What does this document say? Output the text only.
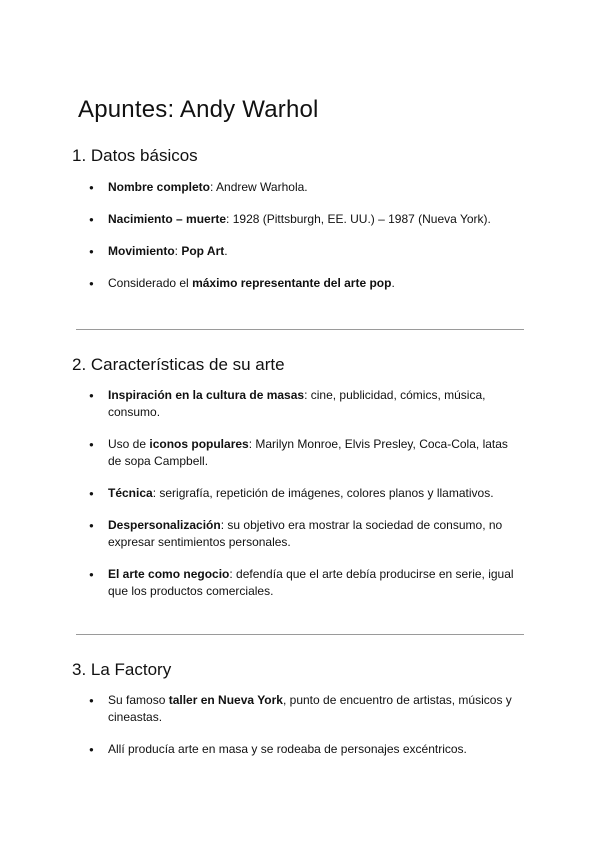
Apuntes: Andy Warhol
1. Datos básicos
● Nombre completo: Andrew Warhola.
● Nacimiento – muerte: 1928 (Pittsburgh, EE. UU.) – 1987 (Nueva York).
● Movimiento: Pop Art.
● Considerado el máximo representante del arte pop.
2. Características de su arte
● Inspiración en la cultura de masas: cine, publicidad, cómics, música, consumo.
● Uso de iconos populares: Marilyn Monroe, Elvis Presley, Coca-Cola, latas de sopa Campbell.
● Técnica: serigrafía, repetición de imágenes, colores planos y llamativos.
● Despersonalización: su objetivo era mostrar la sociedad de consumo, no expresar sentimientos personales.
● El arte como negocio: defendía que el arte debía producirse en serie, igual que los productos comerciales.
3. La Factory
● Su famoso taller en Nueva York, punto de encuentro de artistas, músicos y cineastas.
● Allí producía arte en masa y se rodeaba de personajes excéntricos.
